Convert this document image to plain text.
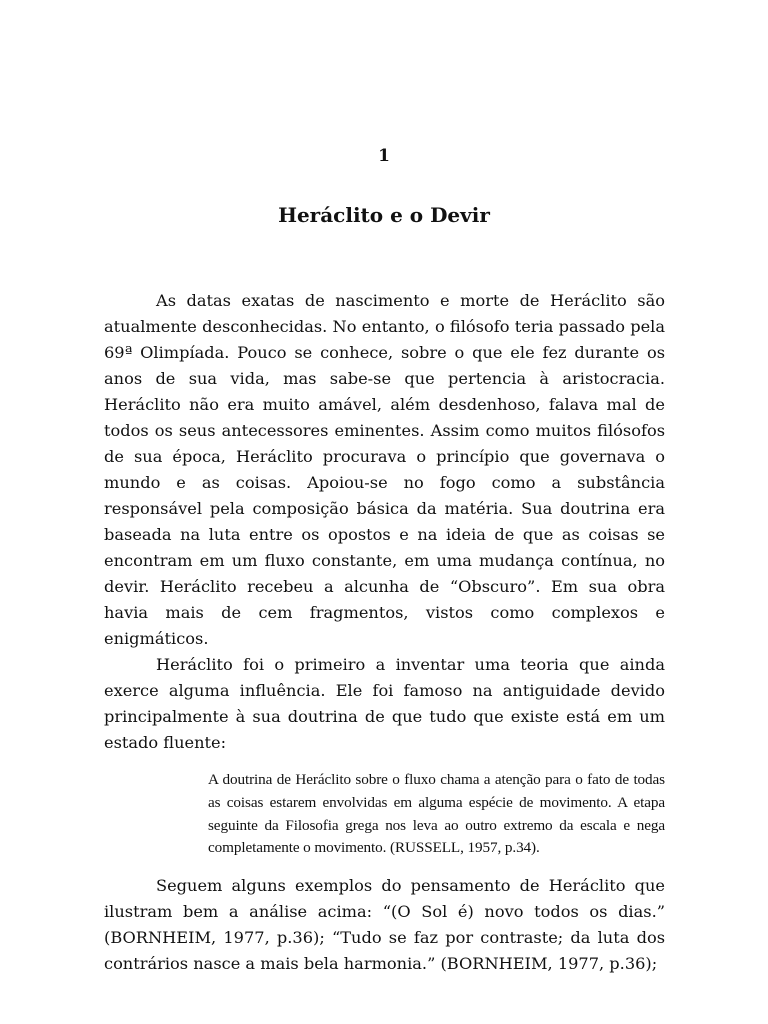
1
Heráclito e o Devir

As datas exatas de nascimento e morte de Heráclito são atualmente desconhecidas. No entanto, o filósofo teria passado pela 69ª Olimpíada. Pouco se conhece, sobre o que ele fez durante os anos de sua vida, mas sabe-se que pertencia à aristocracia. Heráclito não era muito amável, além desdenhoso, falava mal de todos os seus antecessores eminentes. Assim como muitos filósofos de sua época, Heráclito procurava o princípio que governava o mundo e as coisas. Apoiou-se no fogo como a substância responsável pela composição básica da matéria. Sua doutrina era baseada na luta entre os opostos e na ideia de que as coisas se encontram em um fluxo constante, em uma mudança contínua, no devir. Heráclito recebeu a alcunha de “Obscuro”. Em sua obra havia mais de cem fragmentos, vistos como complexos e enigmáticos.

Heráclito foi o primeiro a inventar uma teoria que ainda exerce alguma influência. Ele foi famoso na antiguidade devido principalmente à sua doutrina de que tudo que existe está em um estado fluente:

A doutrina de Heráclito sobre o fluxo chama a atenção para o fato de todas as coisas estarem envolvidas em alguma espécie de movimento. A etapa seguinte da Filosofia grega nos leva ao outro extremo da escala e nega completamente o movimento. (RUSSELL, 1957, p.34).

Seguem alguns exemplos do pensamento de Heráclito que ilustram bem a análise acima: “(O Sol é) novo todos os dias.” (BORNHEIM, 1977, p.36); “Tudo se faz por contraste; da luta dos contrários nasce a mais bela harmonia.” (BORNHEIM, 1977, p.36);
